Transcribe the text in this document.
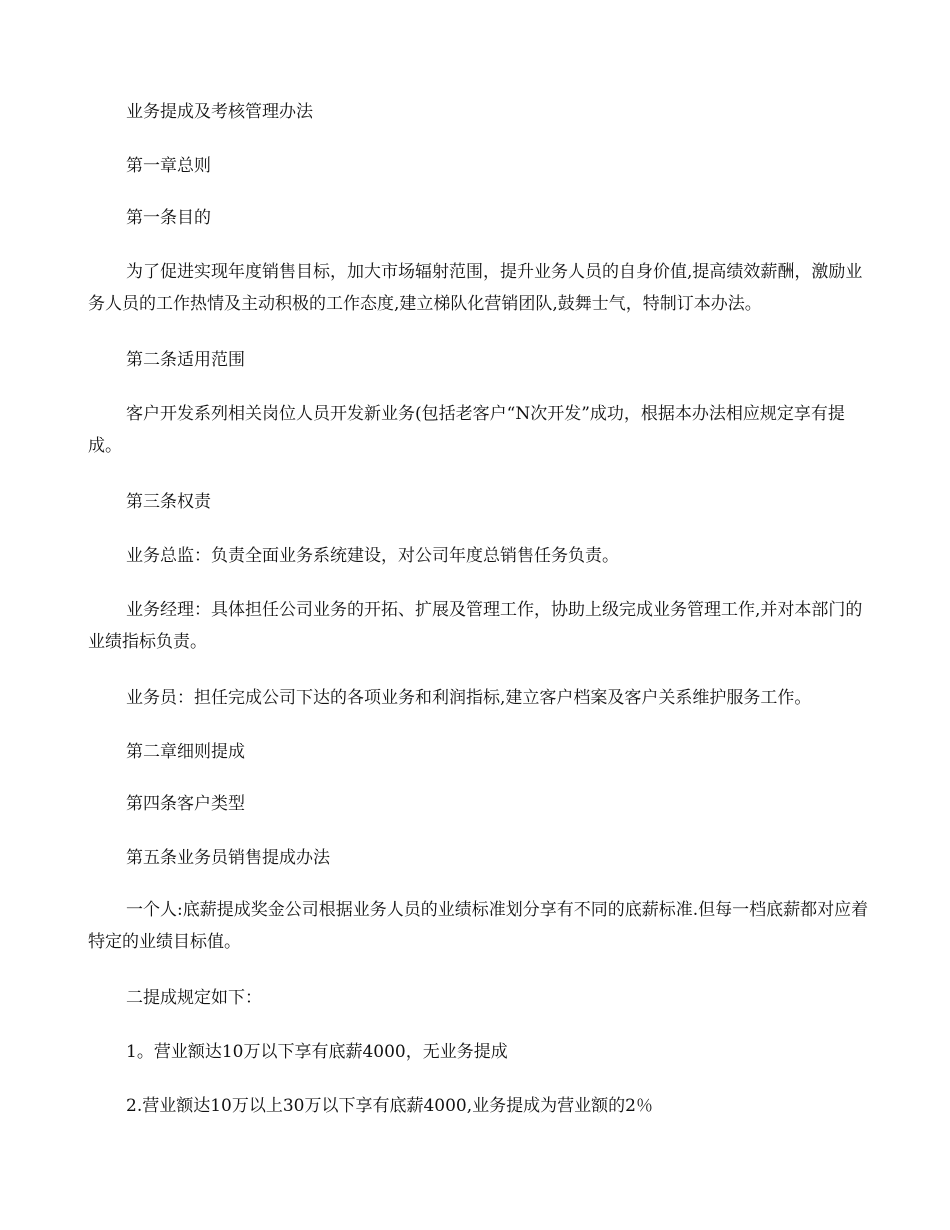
业务提成及考核管理办法

第一章总则

第一条目的

为了促进实现年度销售目标，加大市场辐射范围，提升业务人员的自身价值,提高绩效薪酬，激励业务人员的工作热情及主动积极的工作态度,建立梯队化营销团队,鼓舞士气，特制订本办法。

第二条适用范围

客户开发系列相关岗位人员开发新业务(包括老客户“N次开发”成功，根据本办法相应规定享有提成。

第三条权责

业务总监：负责全面业务系统建设，对公司年度总销售任务负责。

业务经理：具体担任公司业务的开拓、扩展及管理工作，协助上级完成业务管理工作,并对本部门的业绩指标负责。

业务员：担任完成公司下达的各项业务和利润指标,建立客户档案及客户关系维护服务工作。

第二章细则提成

第四条客户类型

第五条业务员销售提成办法

一个人:底薪提成奖金公司根据业务人员的业绩标准划分享有不同的底薪标准.但每一档底薪都对应着特定的业绩目标值。

二提成规定如下：

1。营业额达10万以下享有底薪4000，无业务提成

2.营业额达10万以上30万以下享有底薪4000,业务提成为营业额的2％
